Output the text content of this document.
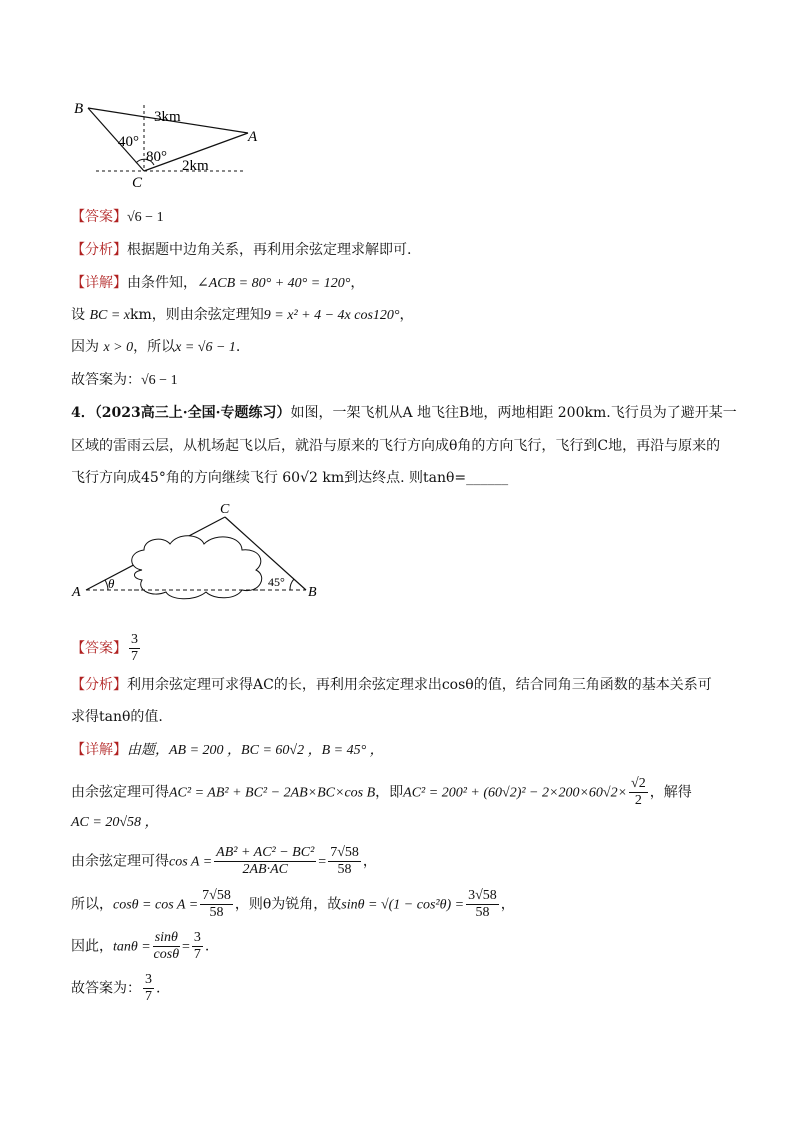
B
A
C
3km
2km
40°
80°
【答案】√6 − 1
【分析】根据题中边角关系，再利用余弦定理求解即可.
【详解】由条件知，∠ACB = 80° + 40° = 120°，
设 BC = xkm，则由余弦定理知9 = x² + 4 − 4x cos120°，
因为 x > 0，所以x = √6 − 1.
故答案为：√6 − 1
4．（2023高三上·全国·专题练习）如图，一架飞机从A 地飞往B地，两地相距 200km.飞行员为了避开某一
区域的雷雨云层，从机场起飞以后，就沿与原来的飞行方向成θ角的方向飞行，飞行到C地，再沿与原来的
飞行方向成45°角的方向继续飞行 60√2 km到达终点. 则tanθ=______
A	B
C
θ	45°
【答案】 $\frac{3}{7}$
【分析】利用余弦定理可求得AC的长，再利用余弦定理求出cosθ的值，结合同角三角函数的基本关系可
求得tanθ的值.
【详解】由题，AB = 200 ，BC = 60√2 ，B = 45° ，
由余弦定理可得AC² = AB² + BC² − 2AB×BC×cos B，即$AC^2 = 200^2 + (60√2)^2 - 2\times 200\times 60√2\times \frac{√2}{2}$ ，解得
AC = 20√58 ，
由余弦定理可得$\cos A = \frac{\text{AB² + AC² − BC²}}{2AB\cdot AC} = \frac{7√58}{58}$ ，
所以，$\cos\theta = \cos A = \frac{7√58}{58}$ ，则θ为锐角，故$\sin\theta = √(1 - \cos^2\theta) = \frac{3√58}{58}$ ，
因此，$\tan\theta = \frac{\sin\theta}{\cos\theta} = \frac{3}{7}$ .
故答案为： $\frac{3}{7}$ .
